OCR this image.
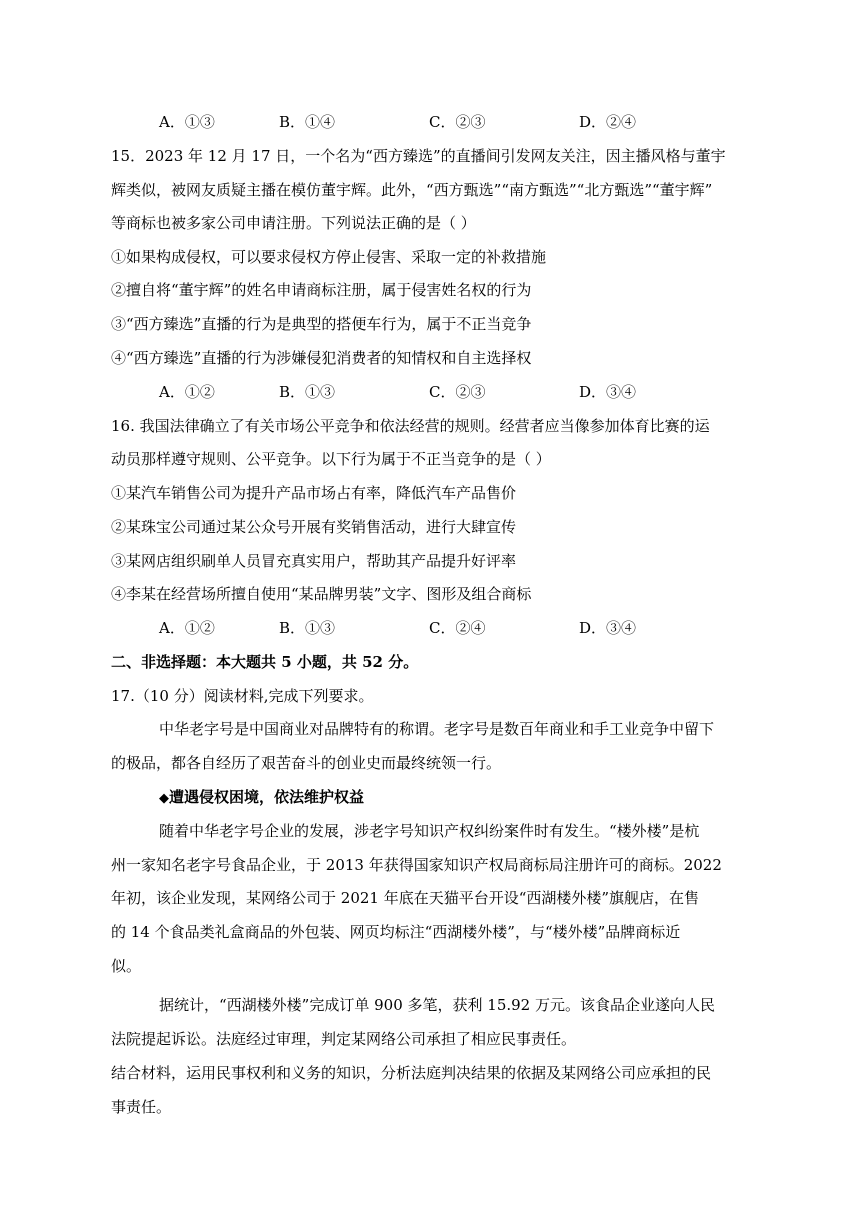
A．①③	B．①④	C．②③	D．②④
15．2023 年 12 月 17 日，一个名为“西方臻选”的直播间引发网友关注，因主播风格与董宇
辉类似，被网友质疑主播在模仿董宇辉。此外，“西方甄选”“南方甄选”“北方甄选”“董宇辉”
等商标也被多家公司申请注册。下列说法正确的是（ ）
①如果构成侵权，可以要求侵权方停止侵害、采取一定的补救措施
②擅自将“董宇辉”的姓名申请商标注册，属于侵害姓名权的行为
③“西方臻选”直播的行为是典型的搭便车行为，属于不正当竞争
④“西方臻选”直播的行为涉嫌侵犯消费者的知情权和自主选择权
A．①②	B．①③	C．②③	D．③④
16. 我国法律确立了有关市场公平竞争和依法经营的规则。经营者应当像参加体育比赛的运
动员那样遵守规则、公平竞争。以下行为属于不正当竞争的是（ ）
①某汽车销售公司为提升产品市场占有率，降低汽车产品售价
②某珠宝公司通过某公众号开展有奖销售活动，进行大肆宣传
③某网店组织刷单人员冒充真实用户，帮助其产品提升好评率
④李某在经营场所擅自使用“某品牌男装”文字、图形及组合商标
A．①②	B．①③	C．②④	D．③④
二、非选择题：本大题共 5 小题，共 52 分。
17.（10 分）阅读材料,完成下列要求。
中华老字号是中国商业对品牌特有的称谓。老字号是数百年商业和手工业竞争中留下
的极品，都各自经历了艰苦奋斗的创业史而最终统领一行。
◆遭遇侵权困境，依法维护权益
随着中华老字号企业的发展，涉老字号知识产权纠纷案件时有发生。“楼外楼”是杭
州一家知名老字号食品企业，于 2013 年获得国家知识产权局商标局注册许可的商标。2022
年初，该企业发现，某网络公司于 2021 年底在天猫平台开设“西湖楼外楼”旗舰店，在售
的 14 个食品类礼盒商品的外包装、网页均标注“西湖楼外楼”，与“楼外楼”品牌商标近
似。
据统计，“西湖楼外楼”完成订单 900 多笔，获利 15.92 万元。该食品企业遂向人民
法院提起诉讼。法庭经过审理，判定某网络公司承担了相应民事责任。
结合材料，运用民事权利和义务的知识，分析法庭判决结果的依据及某网络公司应承担的民
事责任。
